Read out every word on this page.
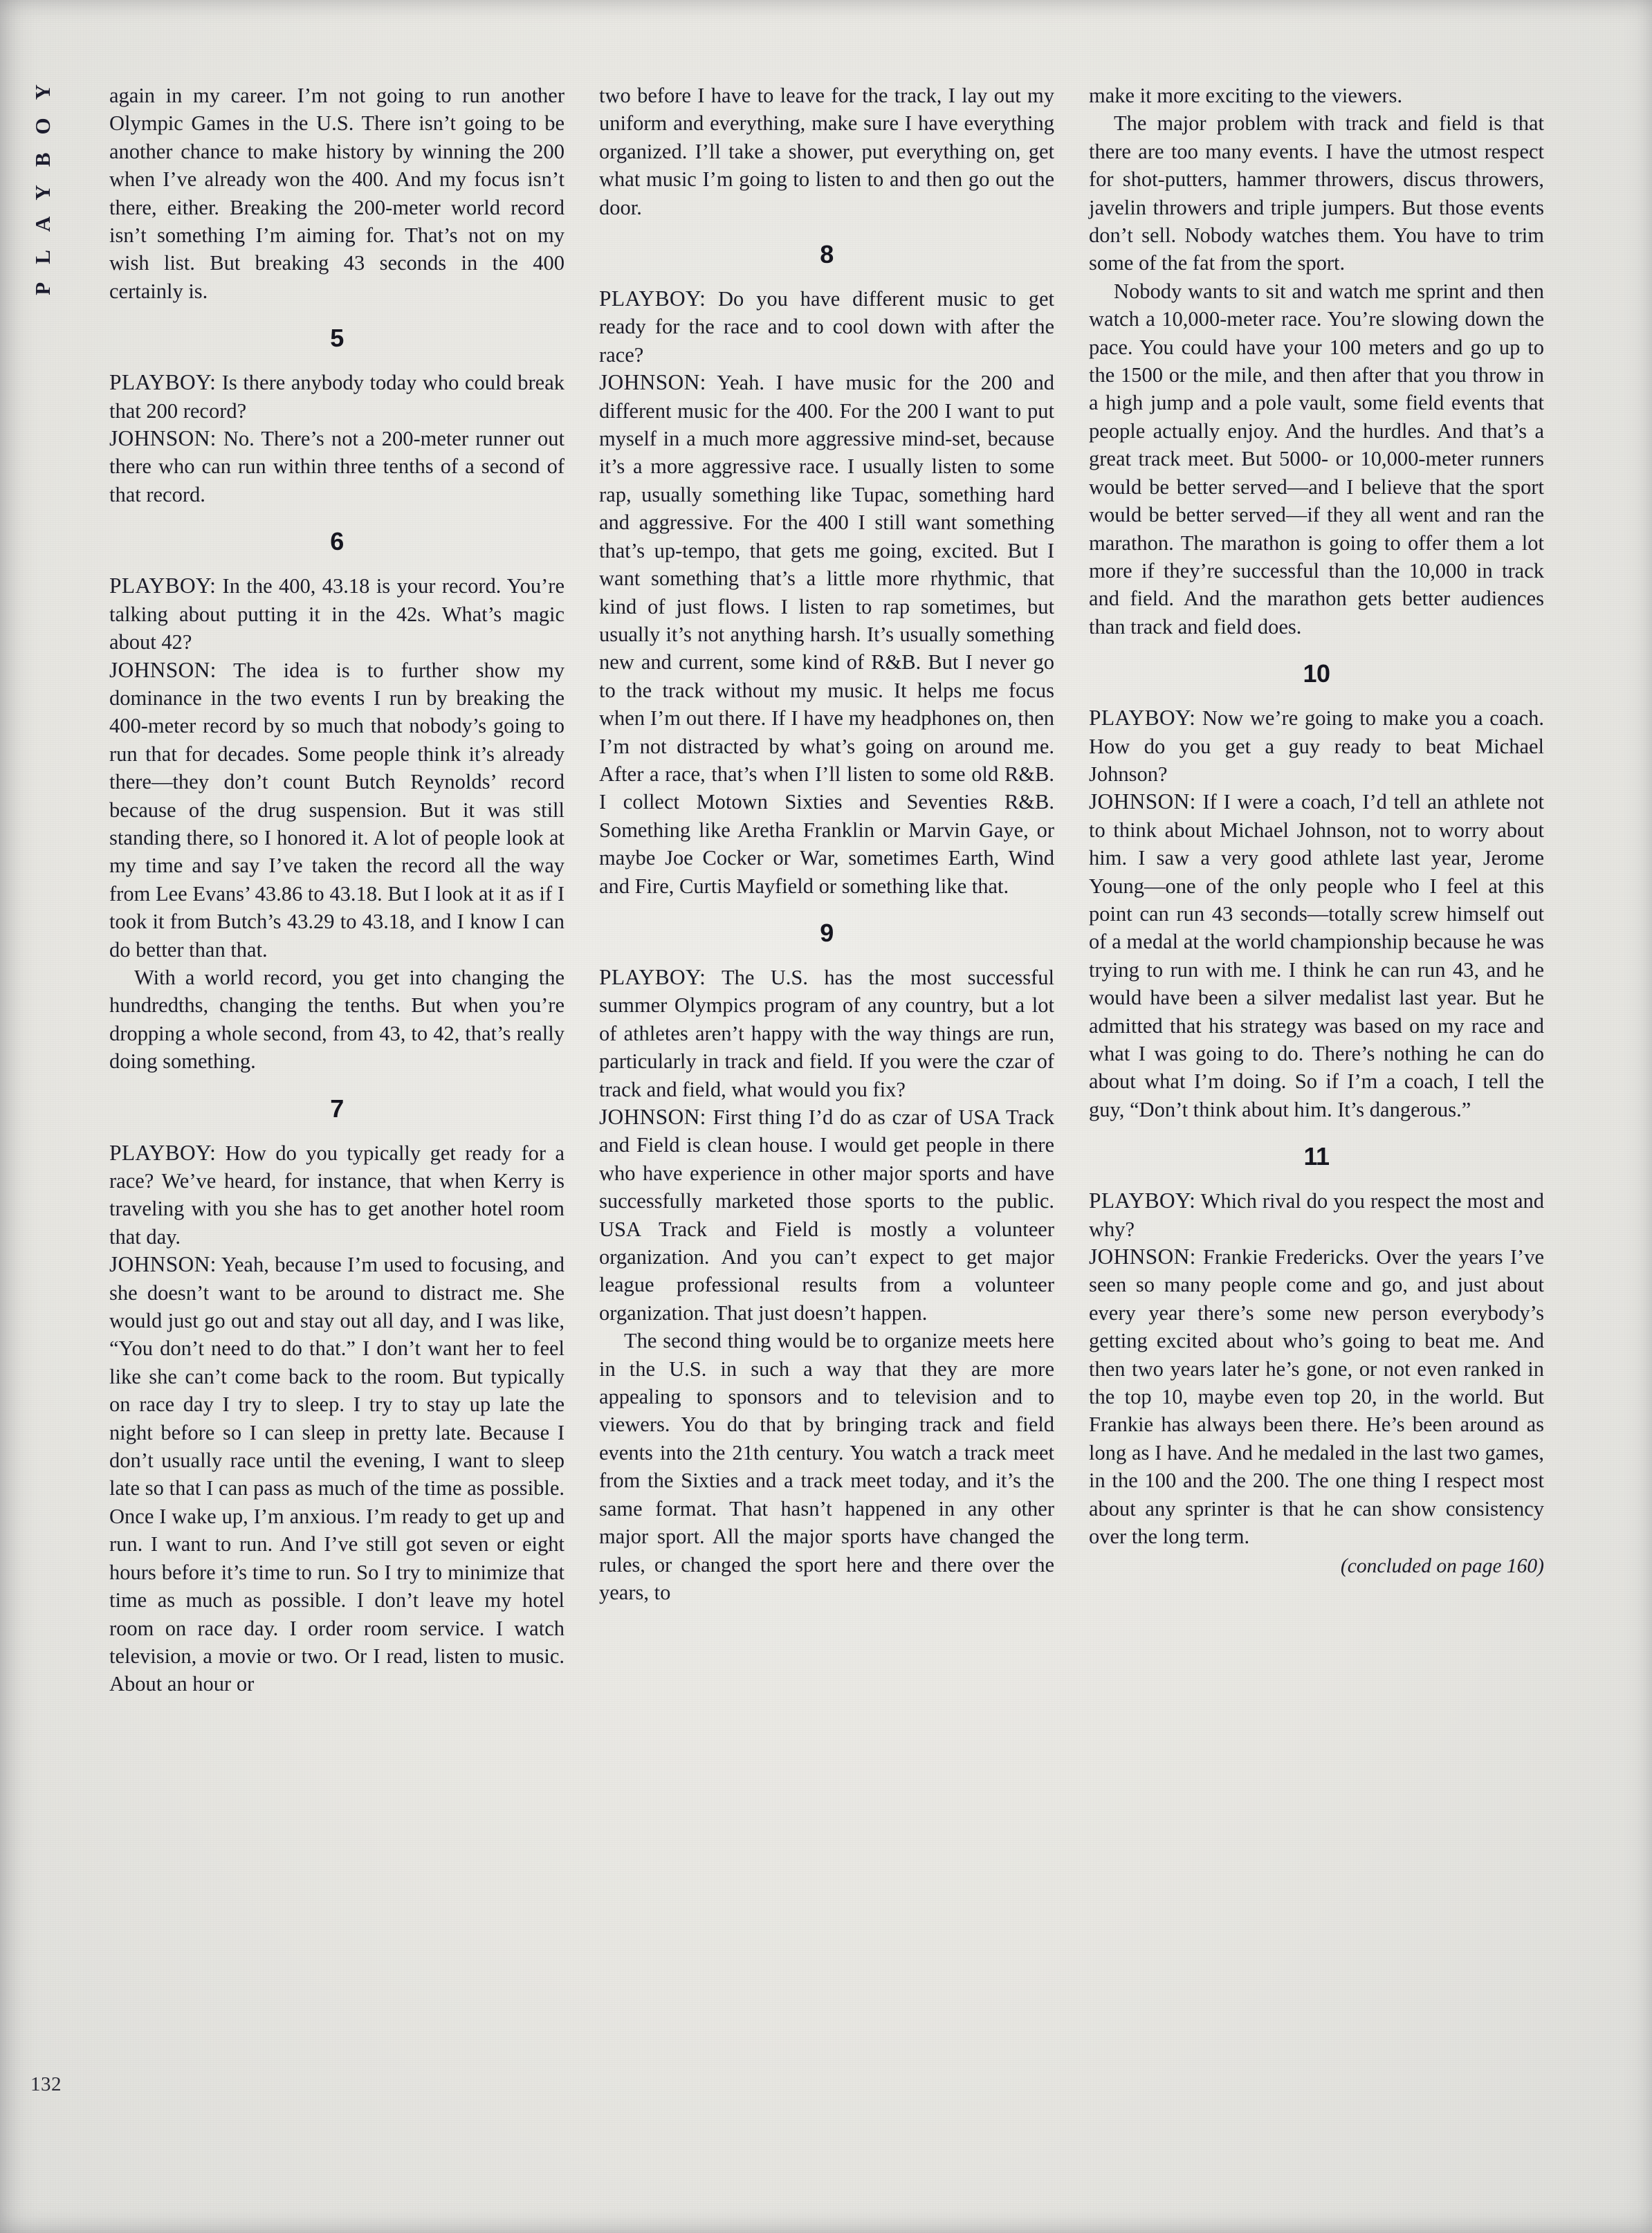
PLAYBOY
132

again in my career. I’m not going to run another Olympic Games in the U.S. There isn’t going to be another chance to make history by winning the 200 when I’ve already won the 400. And my focus isn’t there, either. Breaking the 200-meter world record isn’t something I’m aiming for. That’s not on my wish list. But breaking 43 seconds in the 400 certainly is.

5

PLAYBOY: Is there anybody today who could break that 200 record?

JOHNSON: No. There’s not a 200-meter runner out there who can run within three tenths of a second of that record.

6

PLAYBOY: In the 400, 43.18 is your record. You’re talking about putting it in the 42s. What’s magic about 42?

JOHNSON: The idea is to further show my dominance in the two events I run by breaking the 400-meter record by so much that nobody’s going to run that for decades. Some people think it’s already there—they don’t count Butch Reynolds’ record because of the drug suspension. But it was still standing there, so I honored it. A lot of people look at my time and say I’ve taken the record all the way from Lee Evans’ 43.86 to 43.18. But I look at it as if I took it from Butch’s 43.29 to 43.18, and I know I can do better than that.

With a world record, you get into changing the hundredths, changing the tenths. But when you’re dropping a whole second, from 43, to 42, that’s really doing something.

7

PLAYBOY: How do you typically get ready for a race? We’ve heard, for instance, that when Kerry is traveling with you she has to get another hotel room that day.

JOHNSON: Yeah, because I’m used to focusing, and she doesn’t want to be around to distract me. She would just go out and stay out all day, and I was like, “You don’t need to do that.” I don’t want her to feel like she can’t come back to the room. But typically on race day I try to sleep. I try to stay up late the night before so I can sleep in pretty late. Because I don’t usually race until the evening, I want to sleep late so that I can pass as much of the time as possible. Once I wake up, I’m anxious. I’m ready to get up and run. I want to run. And I’ve still got seven or eight hours before it’s time to run. So I try to minimize that time as much as possible. I don’t leave my hotel room on race day. I order room service. I watch television, a movie or two. Or I read, listen to music. About an hour or

two before I have to leave for the track, I lay out my uniform and everything, make sure I have everything organized. I’ll take a shower, put everything on, get what music I’m going to listen to and then go out the door.

8

PLAYBOY: Do you have different music to get ready for the race and to cool down with after the race?

JOHNSON: Yeah. I have music for the 200 and different music for the 400. For the 200 I want to put myself in a much more aggressive mind-set, because it’s a more aggressive race. I usually listen to some rap, usually something like Tupac, something hard and aggressive. For the 400 I still want something that’s up-tempo, that gets me going, excited. But I want something that’s a little more rhythmic, that kind of just flows. I listen to rap sometimes, but usually it’s not anything harsh. It’s usually something new and current, some kind of R&B. But I never go to the track without my music. It helps me focus when I’m out there. If I have my headphones on, then I’m not distracted by what’s going on around me. After a race, that’s when I’ll listen to some old R&B. I collect Motown Sixties and Seventies R&B. Something like Aretha Franklin or Marvin Gaye, or maybe Joe Cocker or War, sometimes Earth, Wind and Fire, Curtis Mayfield or something like that.

9

PLAYBOY: The U.S. has the most successful summer Olympics program of any country, but a lot of athletes aren’t happy with the way things are run, particularly in track and field. If you were the czar of track and field, what would you fix?

JOHNSON: First thing I’d do as czar of USA Track and Field is clean house. I would get people in there who have experience in other major sports and have successfully marketed those sports to the public. USA Track and Field is mostly a volunteer organization. And you can’t expect to get major league professional results from a volunteer organization. That just doesn’t happen.

The second thing would be to organize meets here in the U.S. in such a way that they are more appealing to sponsors and to television and to viewers. You do that by bringing track and field events into the 21th century. You watch a track meet from the Sixties and a track meet today, and it’s the same format. That hasn’t happened in any other major sport. All the major sports have changed the rules, or changed the sport here and there over the years, to

make it more exciting to the viewers.

The major problem with track and field is that there are too many events. I have the utmost respect for shot-putters, hammer throwers, discus throwers, javelin throwers and triple jumpers. But those events don’t sell. Nobody watches them. You have to trim some of the fat from the sport.

Nobody wants to sit and watch me sprint and then watch a 10,000-meter race. You’re slowing down the pace. You could have your 100 meters and go up to the 1500 or the mile, and then after that you throw in a high jump and a pole vault, some field events that people actually enjoy. And the hurdles. And that’s a great track meet. But 5000- or 10,000-meter runners would be better served—and I believe that the sport would be better served—if they all went and ran the marathon. The marathon is going to offer them a lot more if they’re successful than the 10,000 in track and field. And the marathon gets better audiences than track and field does.

10

PLAYBOY: Now we’re going to make you a coach. How do you get a guy ready to beat Michael Johnson?

JOHNSON: If I were a coach, I’d tell an athlete not to think about Michael Johnson, not to worry about him. I saw a very good athlete last year, Jerome Young—one of the only people who I feel at this point can run 43 seconds—totally screw himself out of a medal at the world championship because he was trying to run with me. I think he can run 43, and he would have been a silver medalist last year. But he admitted that his strategy was based on my race and what I was going to do. There’s nothing he can do about what I’m doing. So if I’m a coach, I tell the guy, “Don’t think about him. It’s dangerous.”

11

PLAYBOY: Which rival do you respect the most and why?

JOHNSON: Frankie Fredericks. Over the years I’ve seen so many people come and go, and just about every year there’s some new person everybody’s getting excited about who’s going to beat me. And then two years later he’s gone, or not even ranked in the top 10, maybe even top 20, in the world. But Frankie has always been there. He’s been around as long as I have. And he medaled in the last two games, in the 100 and the 200. The one thing I respect most about any sprinter is that he can show consistency over the long term.

(concluded on page 160)
